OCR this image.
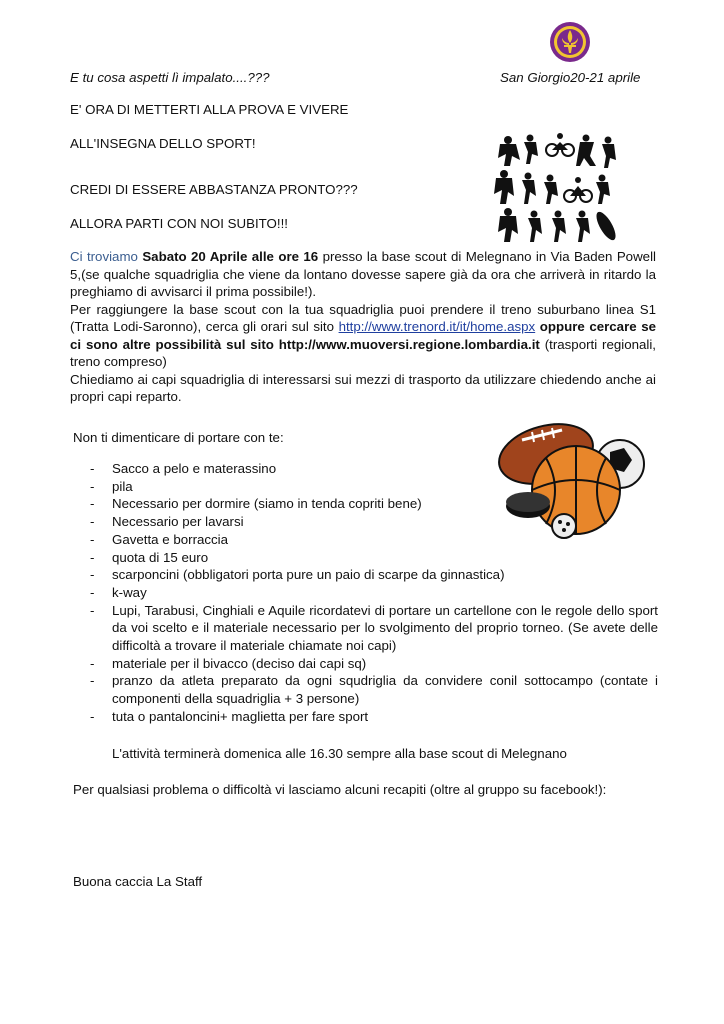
E tu cosa aspetti lì impalato....???	San Giorgio20-21 aprile
E' ORA DI METTERTI ALLA PROVA E VIVERE
ALL'INSEGNA DELLO SPORT!
CREDI DI ESSERE ABBASTANZA PRONTO???
ALLORA PARTI CON NOI SUBITO!!!

Ci troviamo Sabato 20 Aprile alle ore 16 presso la base scout di Melegnano in Via Baden Powell 5,(se qualche squadriglia che viene da lontano dovesse sapere già da ora che arriverà in ritardo la preghiamo di avvisarci il prima possibile!).

Per raggiungere la base scout con la tua squadriglia puoi prendere il treno suburbano linea S1 (Tratta Lodi-Saronno), cerca gli orari sul sito http://www.trenord.it/it/home.aspx oppure cercare se ci sono altre possibilità sul sito http://www.muoversi.regione.lombardia.it (trasporti regionali, treno compreso)

Chiediamo ai capi squadriglia di interessarsi sui mezzi di trasporto da utilizzare chiedendo anche ai propri capi reparto.

Non ti dimenticare di portare con te:
- Sacco a pelo e materassino
- pila
- Necessario per dormire (siamo in tenda copriti bene)
- Necessario per lavarsi
- Gavetta e borraccia
- quota di 15 euro
- scarponcini (obbligatori porta pure un paio di scarpe da ginnastica)
- k-way
- Lupi, Tarabusi, Cinghiali e Aquile ricordatevi di portare un cartellone con le regole dello sport da voi scelto e il materiale necessario per lo svolgimento del proprio torneo. (Se avete delle difficoltà a trovare il materiale chiamate noi capi)
- materiale per il bivacco (deciso dai capi sq)
- pranzo da atleta preparato da ogni squdriglia da convidere conil sottocampo (contate i componenti della squadriglia + 3 persone)
- tuta o pantaloncini+ maglietta per fare sport
L'attività terminerà domenica alle 16.30 sempre alla base scout di Melegnano
Per qualsiasi problema o difficoltà vi lasciamo alcuni recapiti (oltre al gruppo su facebook!):
Buona caccia La Staff
